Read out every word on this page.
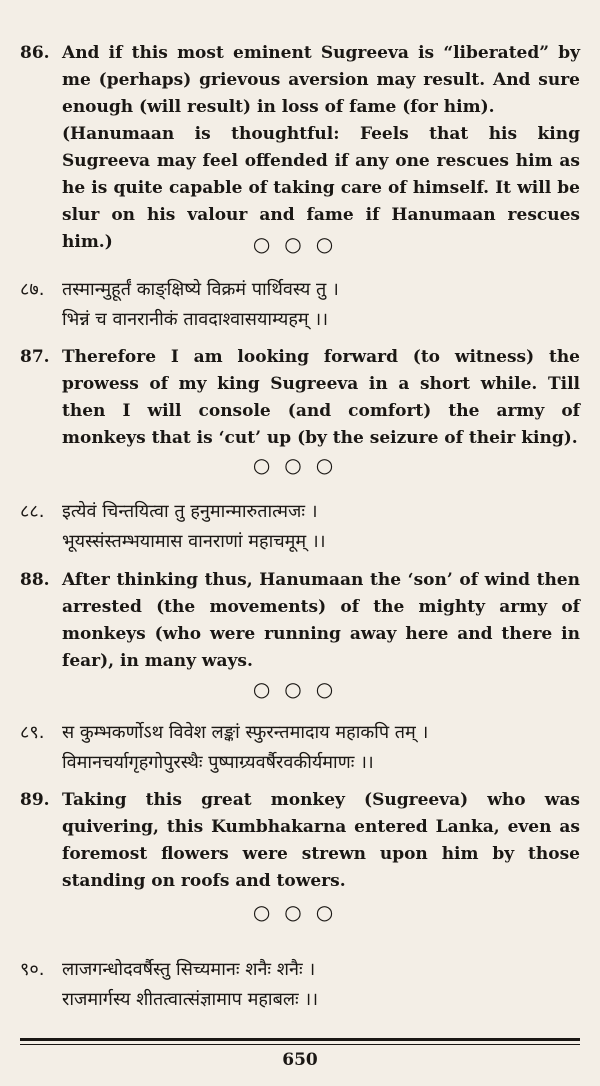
86. And if this most eminent Sugreeva is “liberated” by me (perhaps) grievous aversion may result. And sure enough (will result) in loss of fame (for him).
(Hanumaan is thoughtful: Feels that his king Sugreeva may feel offended if any one rescues him as he is quite capable of taking care of himself. It will be slur on his valour and fame if Hanumaan rescues him.)	○○○
८७. तस्मान्मुहूर्तं काङ्क्षिष्ये विक्रमं पार्थिवस्य तु ।
भिन्नं च वानरानीकं तावदाश्वासयाम्यहम् ।।
87. Therefore I am looking forward (to witness) the prowess of my king Sugreeva in a short while. Till then I will console (and comfort) the army of monkeys that is ‘cut’ up (by the seizure of their king).
○○○
८८. इत्येवं चिन्तयित्वा तु हनुमान्मारुतात्मजः ।
भूयस्संस्तम्भयामास वानराणां महाचमूम् ।।
88. After thinking thus, Hanumaan the ‘son’ of wind then arrested (the movements) of the mighty army of monkeys (who were running away here and there in fear), in many ways.
○○○
८९. स कुम्भकर्णोऽथ विवेश लङ्कां स्फुरन्तमादाय महाकपि तम् ।
विमानचर्यागृहगोपुरस्थैः पुष्पाग्र्यवर्षैरवकीर्यमाणः ।।
89. Taking this great monkey (Sugreeva) who was quivering, this Kumbhakarna entered Lanka, even as foremost flowers were strewn upon him by those standing on roofs and towers.
○○○
९०. लाजगन्धोदवर्षैस्तु सिच्यमानः शनैः शनैः ।
राजमार्गस्य शीतत्वात्संज्ञामाप महाबलः ।।
650
